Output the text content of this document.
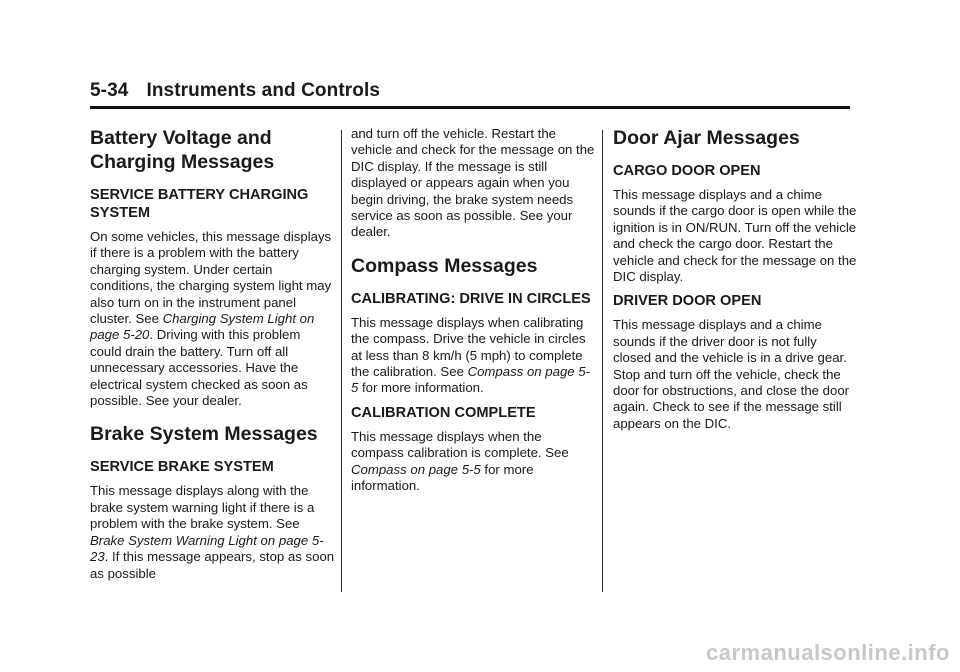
5-34 Instruments and Controls
Battery Voltage and Charging Messages
SERVICE BATTERY CHARGING SYSTEM

On some vehicles, this message displays if there is a problem with the battery charging system. Under certain conditions, the charging system light may also turn on in the instrument panel cluster. See Charging System Light on page 5-20. Driving with this problem could drain the battery. Turn off all unnecessary accessories. Have the electrical system checked as soon as possible. See your dealer.

Brake System Messages
SERVICE BRAKE SYSTEM

This message displays along with the brake system warning light if there is a problem with the brake system. See Brake System Warning Light on page 5-23. If this message appears, stop as soon as possible

and turn off the vehicle. Restart the vehicle and check for the message on the DIC display. If the message is still displayed or appears again when you begin driving, the brake system needs service as soon as possible. See your dealer.

Compass Messages
CALIBRATING: DRIVE IN CIRCLES

This message displays when calibrating the compass. Drive the vehicle in circles at less than 8 km/h (5 mph) to complete the calibration. See Compass on page 5-5 for more information.

CALIBRATION COMPLETE

This message displays when the compass calibration is complete. See Compass on page 5-5 for more information.

Door Ajar Messages
CARGO DOOR OPEN

This message displays and a chime sounds if the cargo door is open while the ignition is in ON/RUN. Turn off the vehicle and check the cargo door. Restart the vehicle and check for the message on the DIC display.

DRIVER DOOR OPEN

This message displays and a chime sounds if the driver door is not fully closed and the vehicle is in a drive gear. Stop and turn off the vehicle, check the door for obstructions, and close the door again. Check to see if the message still appears on the DIC.

carmanualsonline.info
